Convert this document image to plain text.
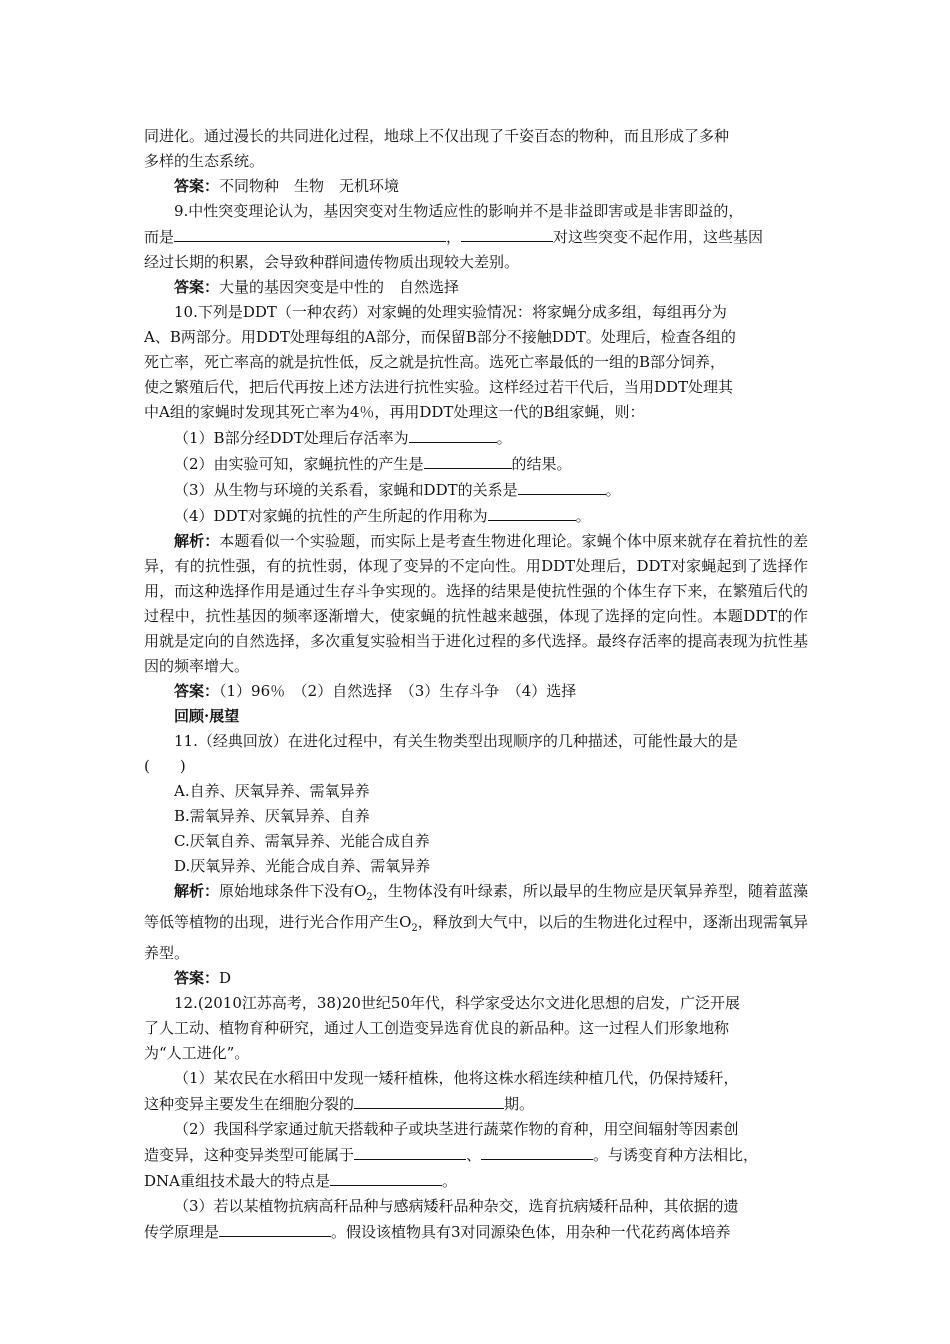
同进化。通过漫长的共同进化过程，地球上不仅出现了千姿百态的物种，而且形成了多种

多样的生态系统。

答案：不同物种　生物　无机环境

9.中性突变理论认为，基因突变对生物适应性的影响并不是非益即害或是非害即益的，

而是	，	对这些突变不起作用，这些基因

经过长期的积累，会导致种群间遗传物质出现较大差别。

答案：大量的基因突变是中性的　自然选择

10.下列是DDT（一种农药）对家蝇的处理实验情况：将家蝇分成多组，每组再分为

A、B两部分。用DDT处理每组的A部分，而保留B部分不接触DDT。处理后，检查各组的

死亡率，死亡率高的就是抗性低，反之就是抗性高。选死亡率最低的一组的B部分饲养，

使之繁殖后代，把后代再按上述方法进行抗性实验。这样经过若干代后，当用DDT处理其

中A组的家蝇时发现其死亡率为4％，再用DDT处理这一代的B组家蝇，则：

（1）B部分经DDT处理后存活率为	。

（2）由实验可知，家蝇抗性的产生是	的结果。

（3）从生物与环境的关系看，家蝇和DDT的关系是	。

（4）DDT对家蝇的抗性的产生所起的作用称为	。

解析：本题看似一个实验题，而实际上是考查生物进化理论。家蝇个体中原来就存在着抗性的差异，有的抗性强，有的抗性弱，体现了变异的不定向性。用DDT处理后，DDT对家蝇起到了选择作用，而这种选择作用是通过生存斗争实现的。选择的结果是使抗性强的个体生存下来，在繁殖后代的过程中，抗性基因的频率逐渐增大，使家蝇的抗性越来越强，体现了选择的定向性。本题DDT的作用就是定向的自然选择，多次重复实验相当于进化过程的多代选择。最终存活率的提高表现为抗性基因的频率增大。

答案：（1）96％　（2）自然选择　（3）生存斗争　（4）选择

回顾·展望

11.（经典回放）在进化过程中，有关生物类型出现顺序的几种描述，可能性最大的是

(　　)

A.自养、厌氧异养、需氧异养

B.需氧异养、厌氧异养、自养

C.厌氧自养、需氧异养、光能合成自养

D.厌氧异养、光能合成自养、需氧异养

解析：原始地球条件下没有$O_2$，生物体没有叶绿素，所以最早的生物应是厌氧异养型，随着蓝藻等低等植物的出现，进行光合作用产生$O_2$，释放到大气中，以后的生物进化过程中，逐渐出现需氧异养型。

答案：D

12.(2010江苏高考，38)20世纪50年代，科学家受达尔文进化思想的启发，广泛开展

了人工动、植物育种研究，通过人工创造变异选育优良的新品种。这一过程人们形象地称

为“人工进化”。

（1）某农民在水稻田中发现一矮秆植株，他将这株水稻连续种植几代，仍保持矮秆，

这种变异主要发生在细胞分裂的	期。

（2）我国科学家通过航天搭载种子或块茎进行蔬菜作物的育种，用空间辐射等因素创

造变异，这种变异类型可能属于	、	。与诱变育种方法相比，

DNA重组技术最大的特点是	。

（3）若以某植物抗病高秆品种与感病矮秆品种杂交，选育抗病矮秆品种，其依据的遗

传学原理是	。假设该植物具有3对同源染色体，用杂种一代花药离体培养
